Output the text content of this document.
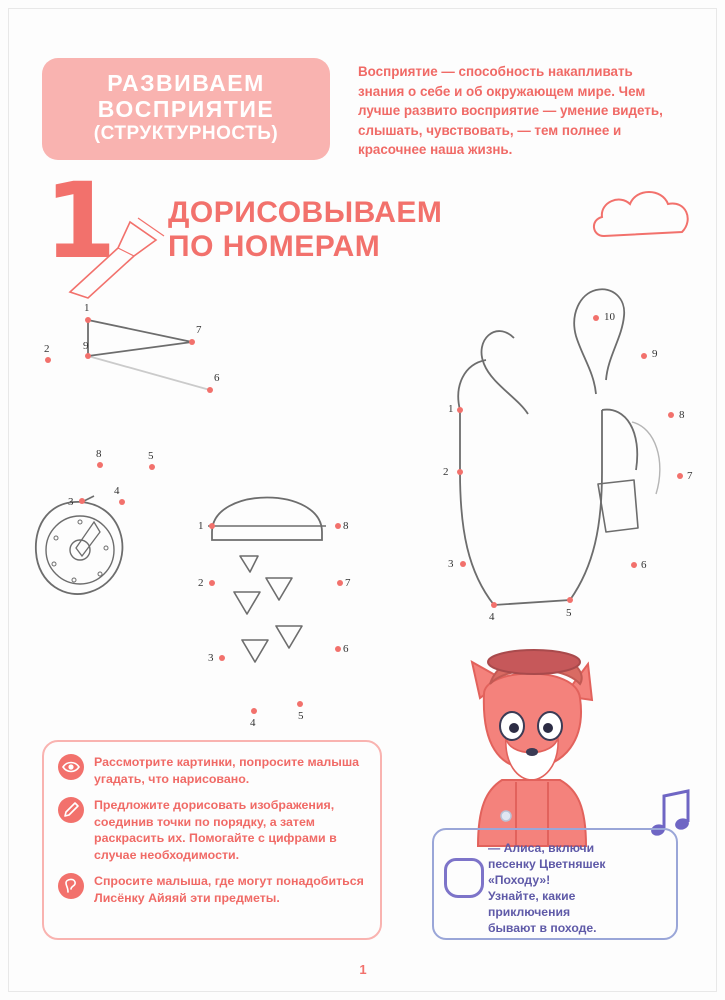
РАЗВИВАЕМ
ВОСПРИЯТИЕ
(СТРУКТУРНОСТЬ)
Восприятие — способность накапливать знания о себе и об окружающем мире. Чем лучше развито восприятие — умение видеть, слышать, чувствовать, — тем полнее и красочнее наша жизнь.
1 ДОРИСОВЫВАЕМ
ПО НОМЕРАМ
1
7
9
2
6
8	5
3
4
1	8
2	7
3
6
4
5
10
9
1	8
2	7
3	6
4	5
Рассмотрите картинки, попросите малыша угадать, что нарисовано.
Предложите дорисовать изображения, соединив точки по порядку, а затем раскрасить их. Помогайте с цифрами в случае необходимости.
Спросите малыша, где могут понадобиться Лисёнку Айяяй эти предметы.
— Алиса, включи
песенку Цветняшек
«Походу»!
Узнайте, какие
приключения
бывают в походе.
1
